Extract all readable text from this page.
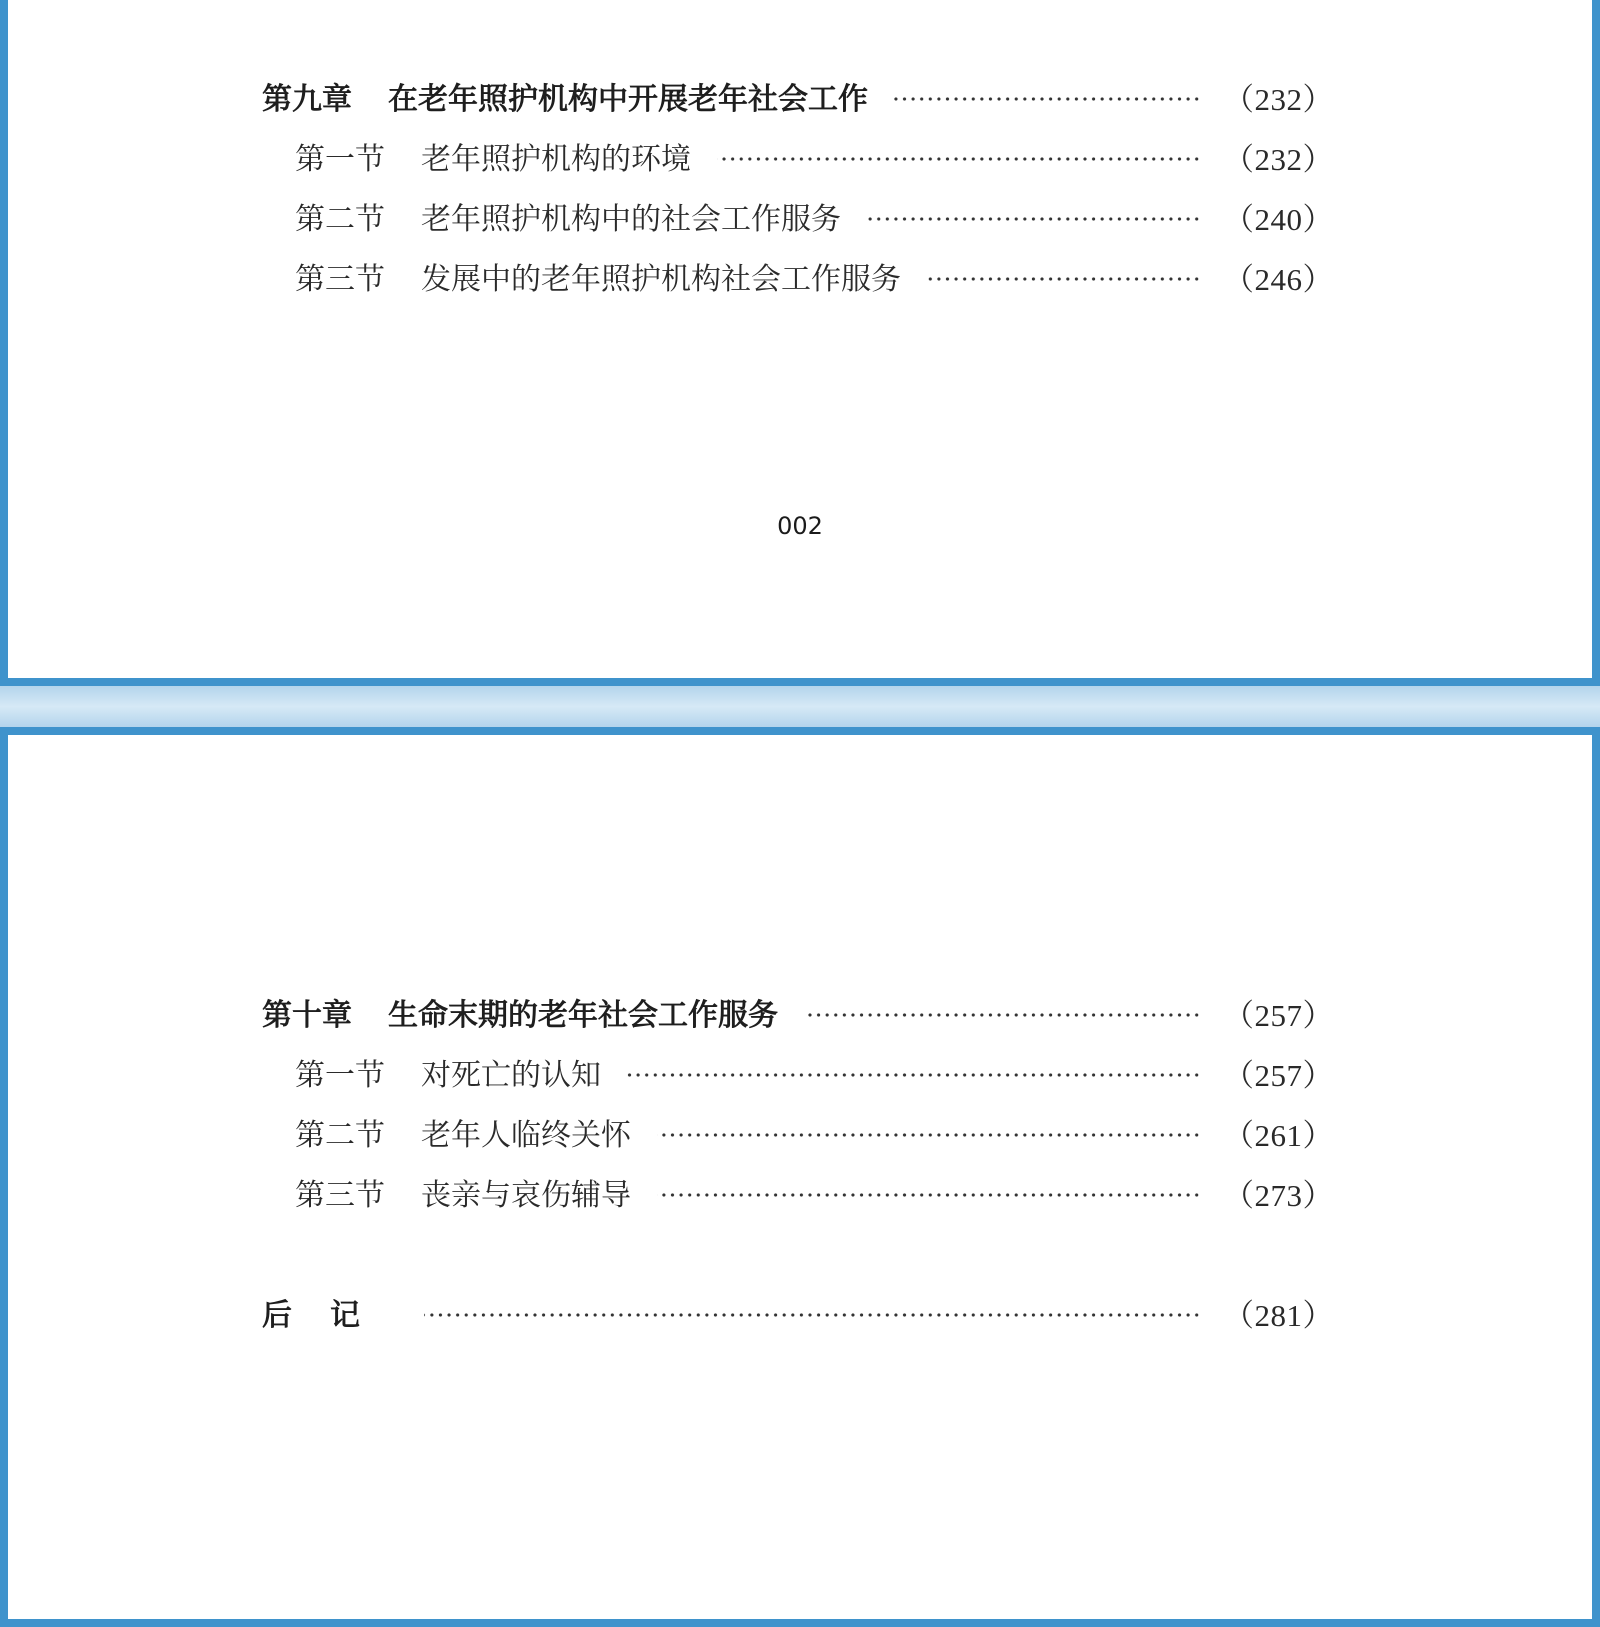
第九章 在老年照护机构中开展老年社会工作	（232）
第一节 老年照护机构的环境	（232）
第二节 老年照护机构中的社会工作服务	（240）
第三节 发展中的老年照护机构社会工作服务	（246）
002
第十章 生命末期的老年社会工作服务	（257）
第一节 对死亡的认知	（257）
第二节 老年人临终关怀	（261）
第三节 丧亲与哀伤辅导	（273）
后记	（281）
